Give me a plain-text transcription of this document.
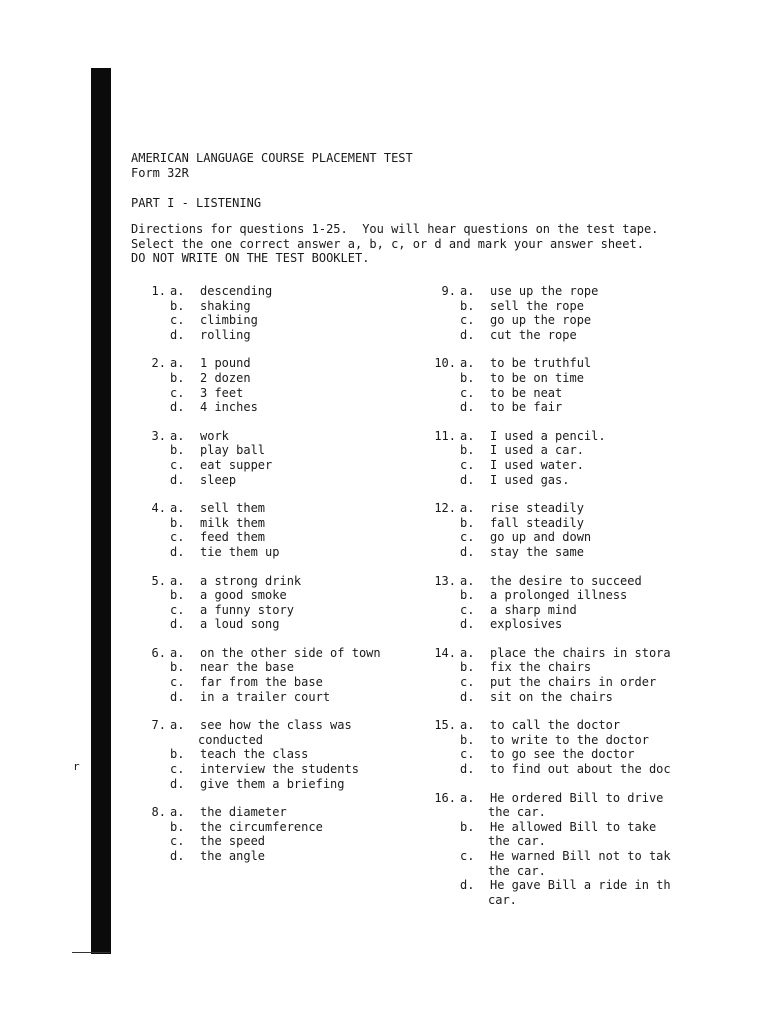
r
AMERICAN LANGUAGE COURSE PLACEMENT TEST
Form 32R
PART I - LISTENING
Directions for questions 1-25.  You will hear questions on the test tape.
Select the one correct answer a, b, c, or d and mark your answer sheet.
DO NOT WRITE ON THE TEST BOOKLET.
1. a.	descending
b.	shaking
c.	climbing
d.	rolling
2. a.	1 pound
b.	2 dozen
c.	3 feet
d.	4 inches
3. a.	work
b.	play ball
c.	eat supper
d.	sleep
4. a.	sell them
b.	milk them
c.	feed them
d.	tie them up
5. a.	a strong drink
b.	a good smoke
c.	a funny story
d.	a loud song
6. a.	on the other side of town
b.	near the base
c.	far from the base
d.	in a trailer court
7. a.	see how the class was
conducted
b.	teach the class
c.	interview the students
d.	give them a briefing
8. a.	the diameter
b.	the circumference
c.	the speed
d.	the angle
9. a.	use up the rope
b.	sell the rope
c.	go up the rope
d.	cut the rope
10. a.	to be truthful
b.	to be on time
c.	to be neat
d.	to be fair
11. a.	I used a pencil.
b.	I used a car.
c.	I used water.
d.	I used gas.
12. a.	rise steadily
b.	fall steadily
c.	go up and down
d.	stay the same
13. a.	the desire to succeed
b.	a prolonged illness
c.	a sharp mind
d.	explosives
14. a.	place the chairs in stora
b.	fix the chairs
c.	put the chairs in order
d.	sit on the chairs
15. a.	to call the doctor
b.	to write to the doctor
c.	to go see the doctor
d.	to find out about the doc
16. a.	He ordered Bill to drive
the car.
b.	He allowed Bill to take
the car.
c.	He warned Bill not to tak
the car.
d.	He gave Bill a ride in th
car.
